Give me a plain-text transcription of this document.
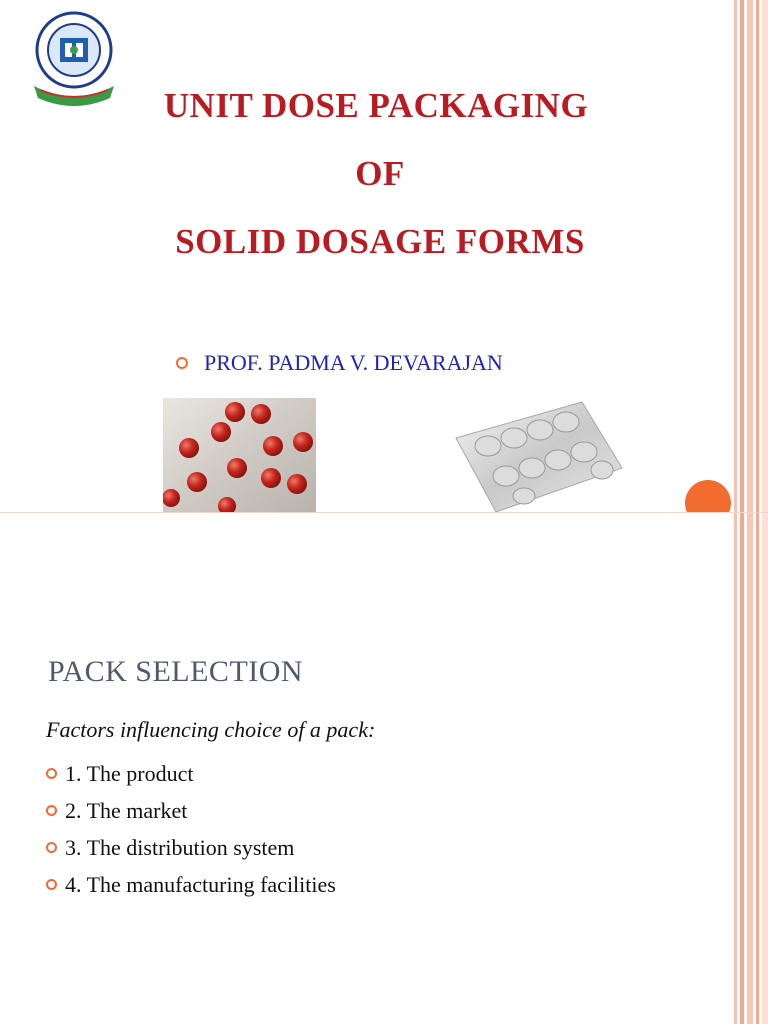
UNIT DOSE PACKAGING
OF
SOLID DOSAGE FORMS
PROF. PADMA V. DEVARAJAN
PACK SELECTION
Factors influencing choice of a pack:
1. The product
2. The market
3. The distribution system
4. The manufacturing facilities
